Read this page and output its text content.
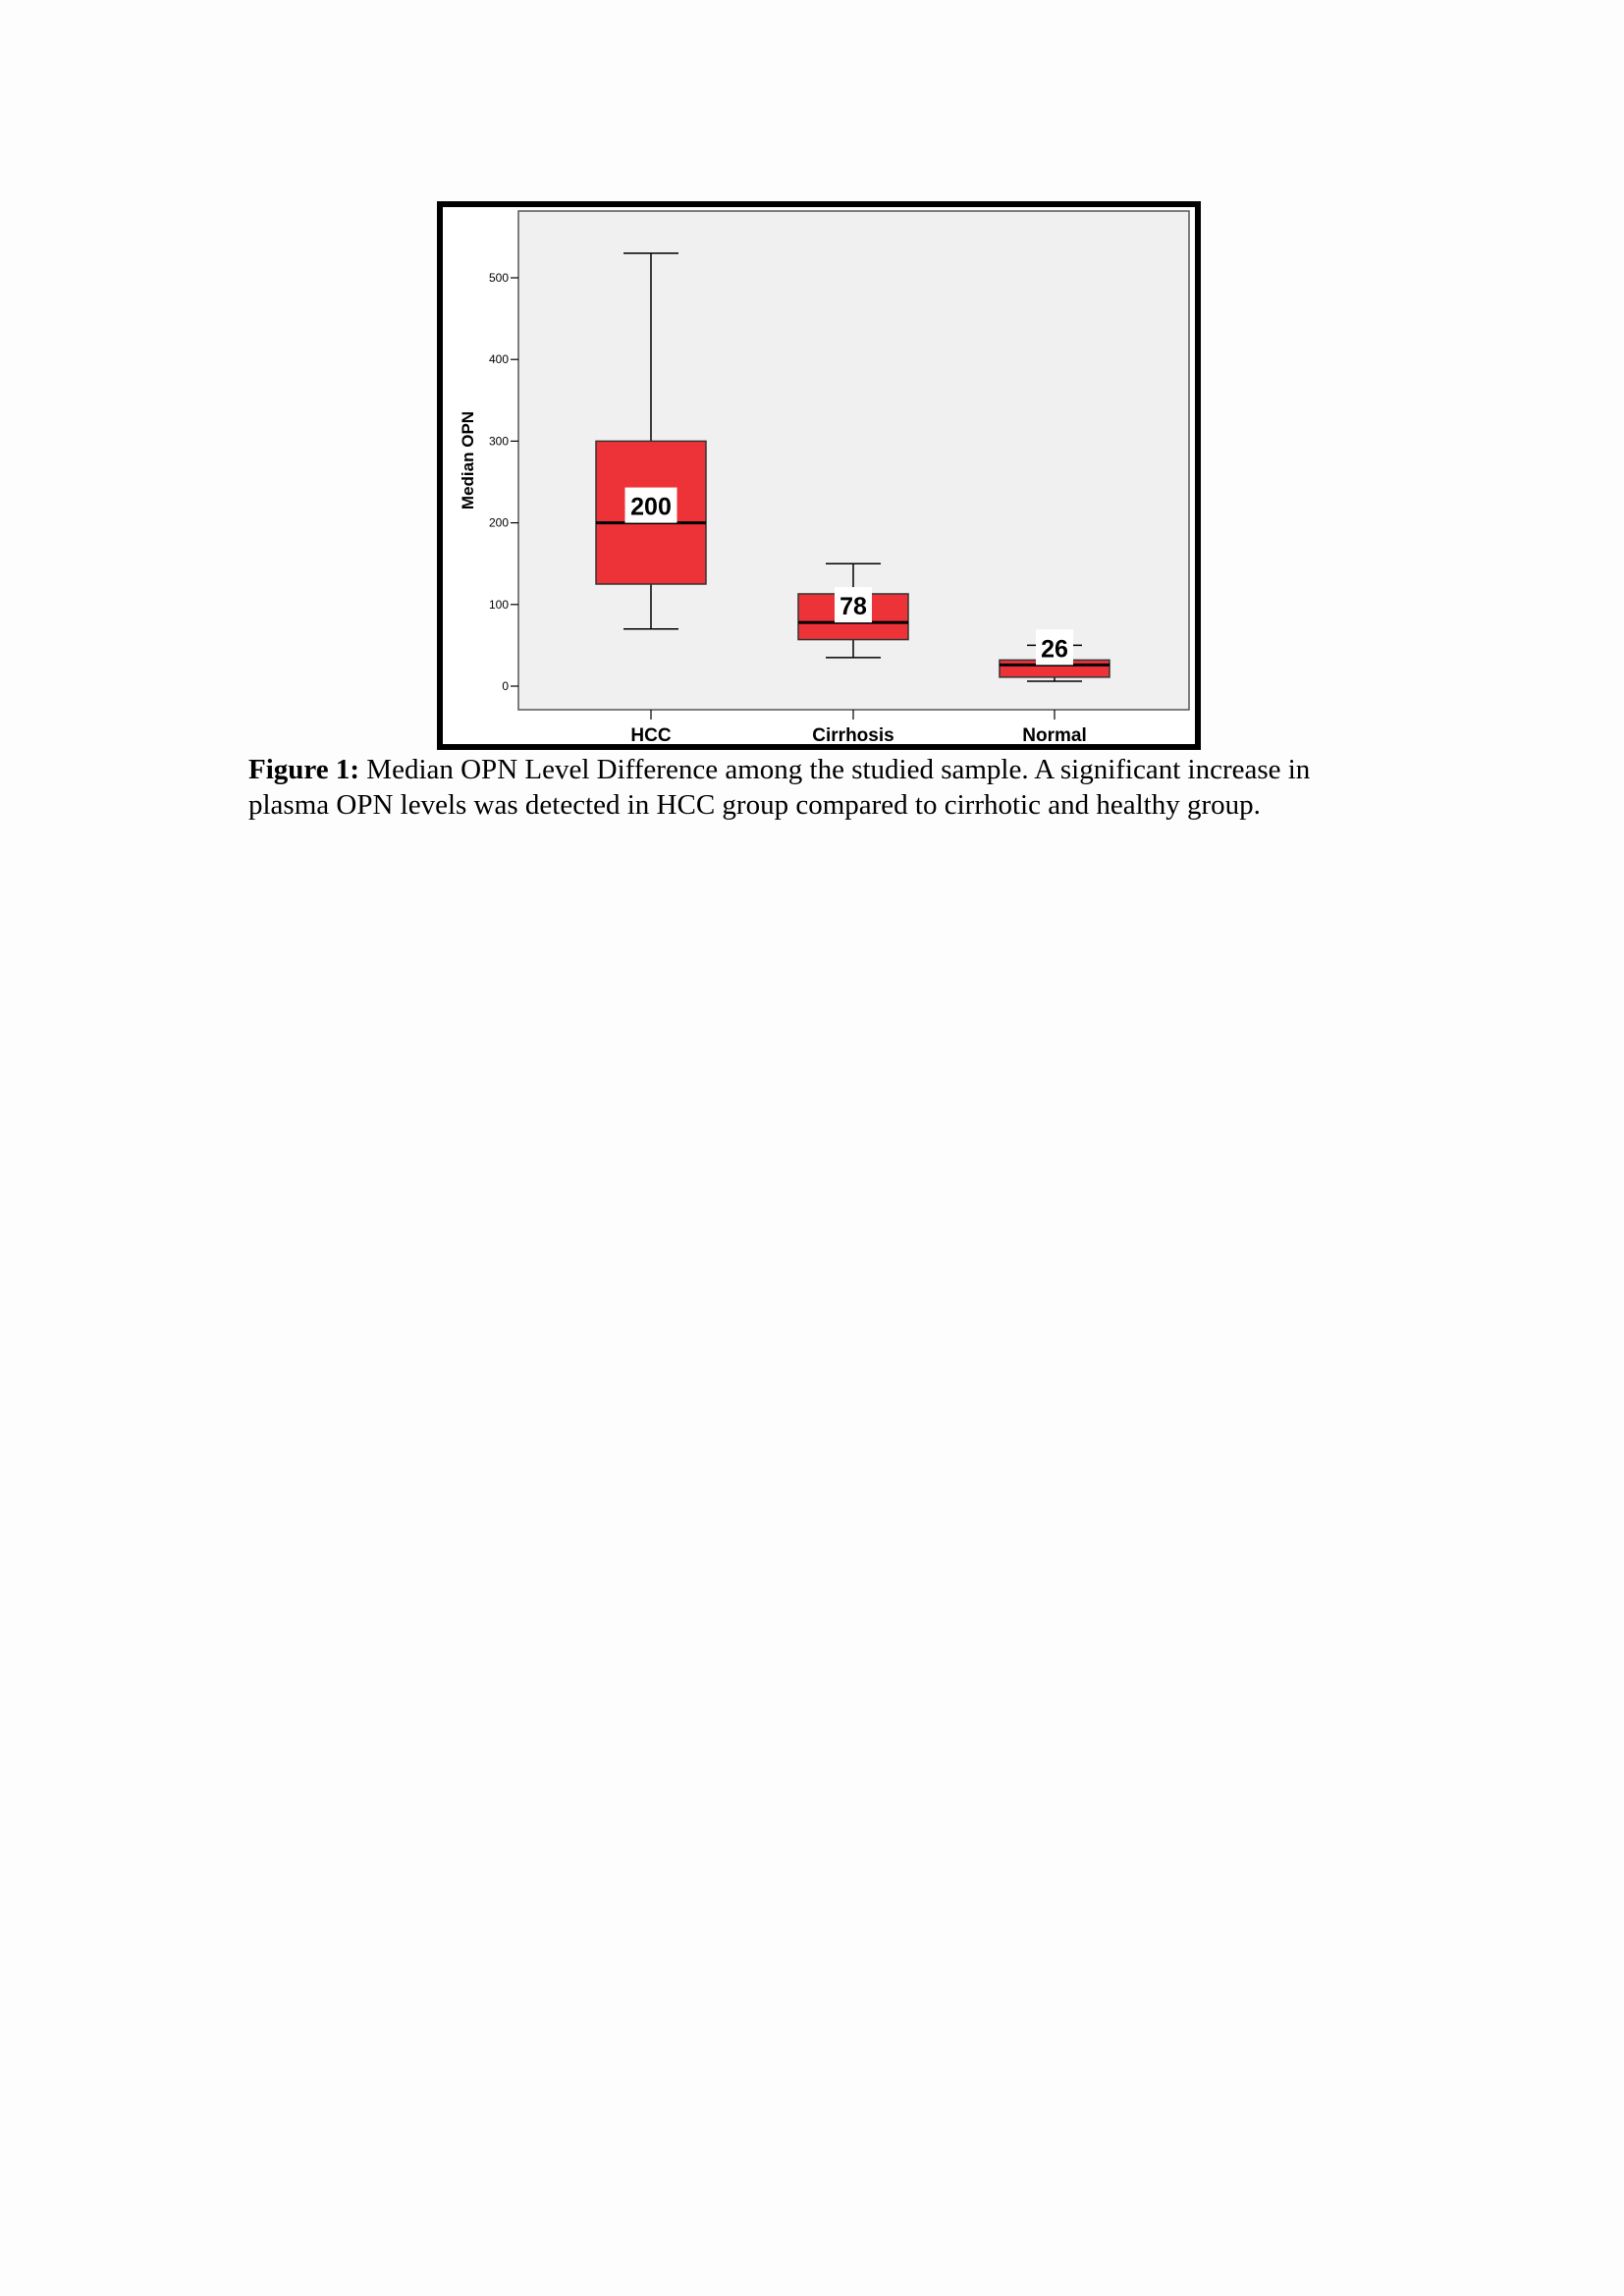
0
100
200
300
400
500
HCC	Cirrhosis	Normal
200
78
26
Median OPN
Figure 1: Median OPN Level Difference among the studied sample. A significant increase in
plasma OPN levels was detected in HCC group compared to cirrhotic and healthy group.
